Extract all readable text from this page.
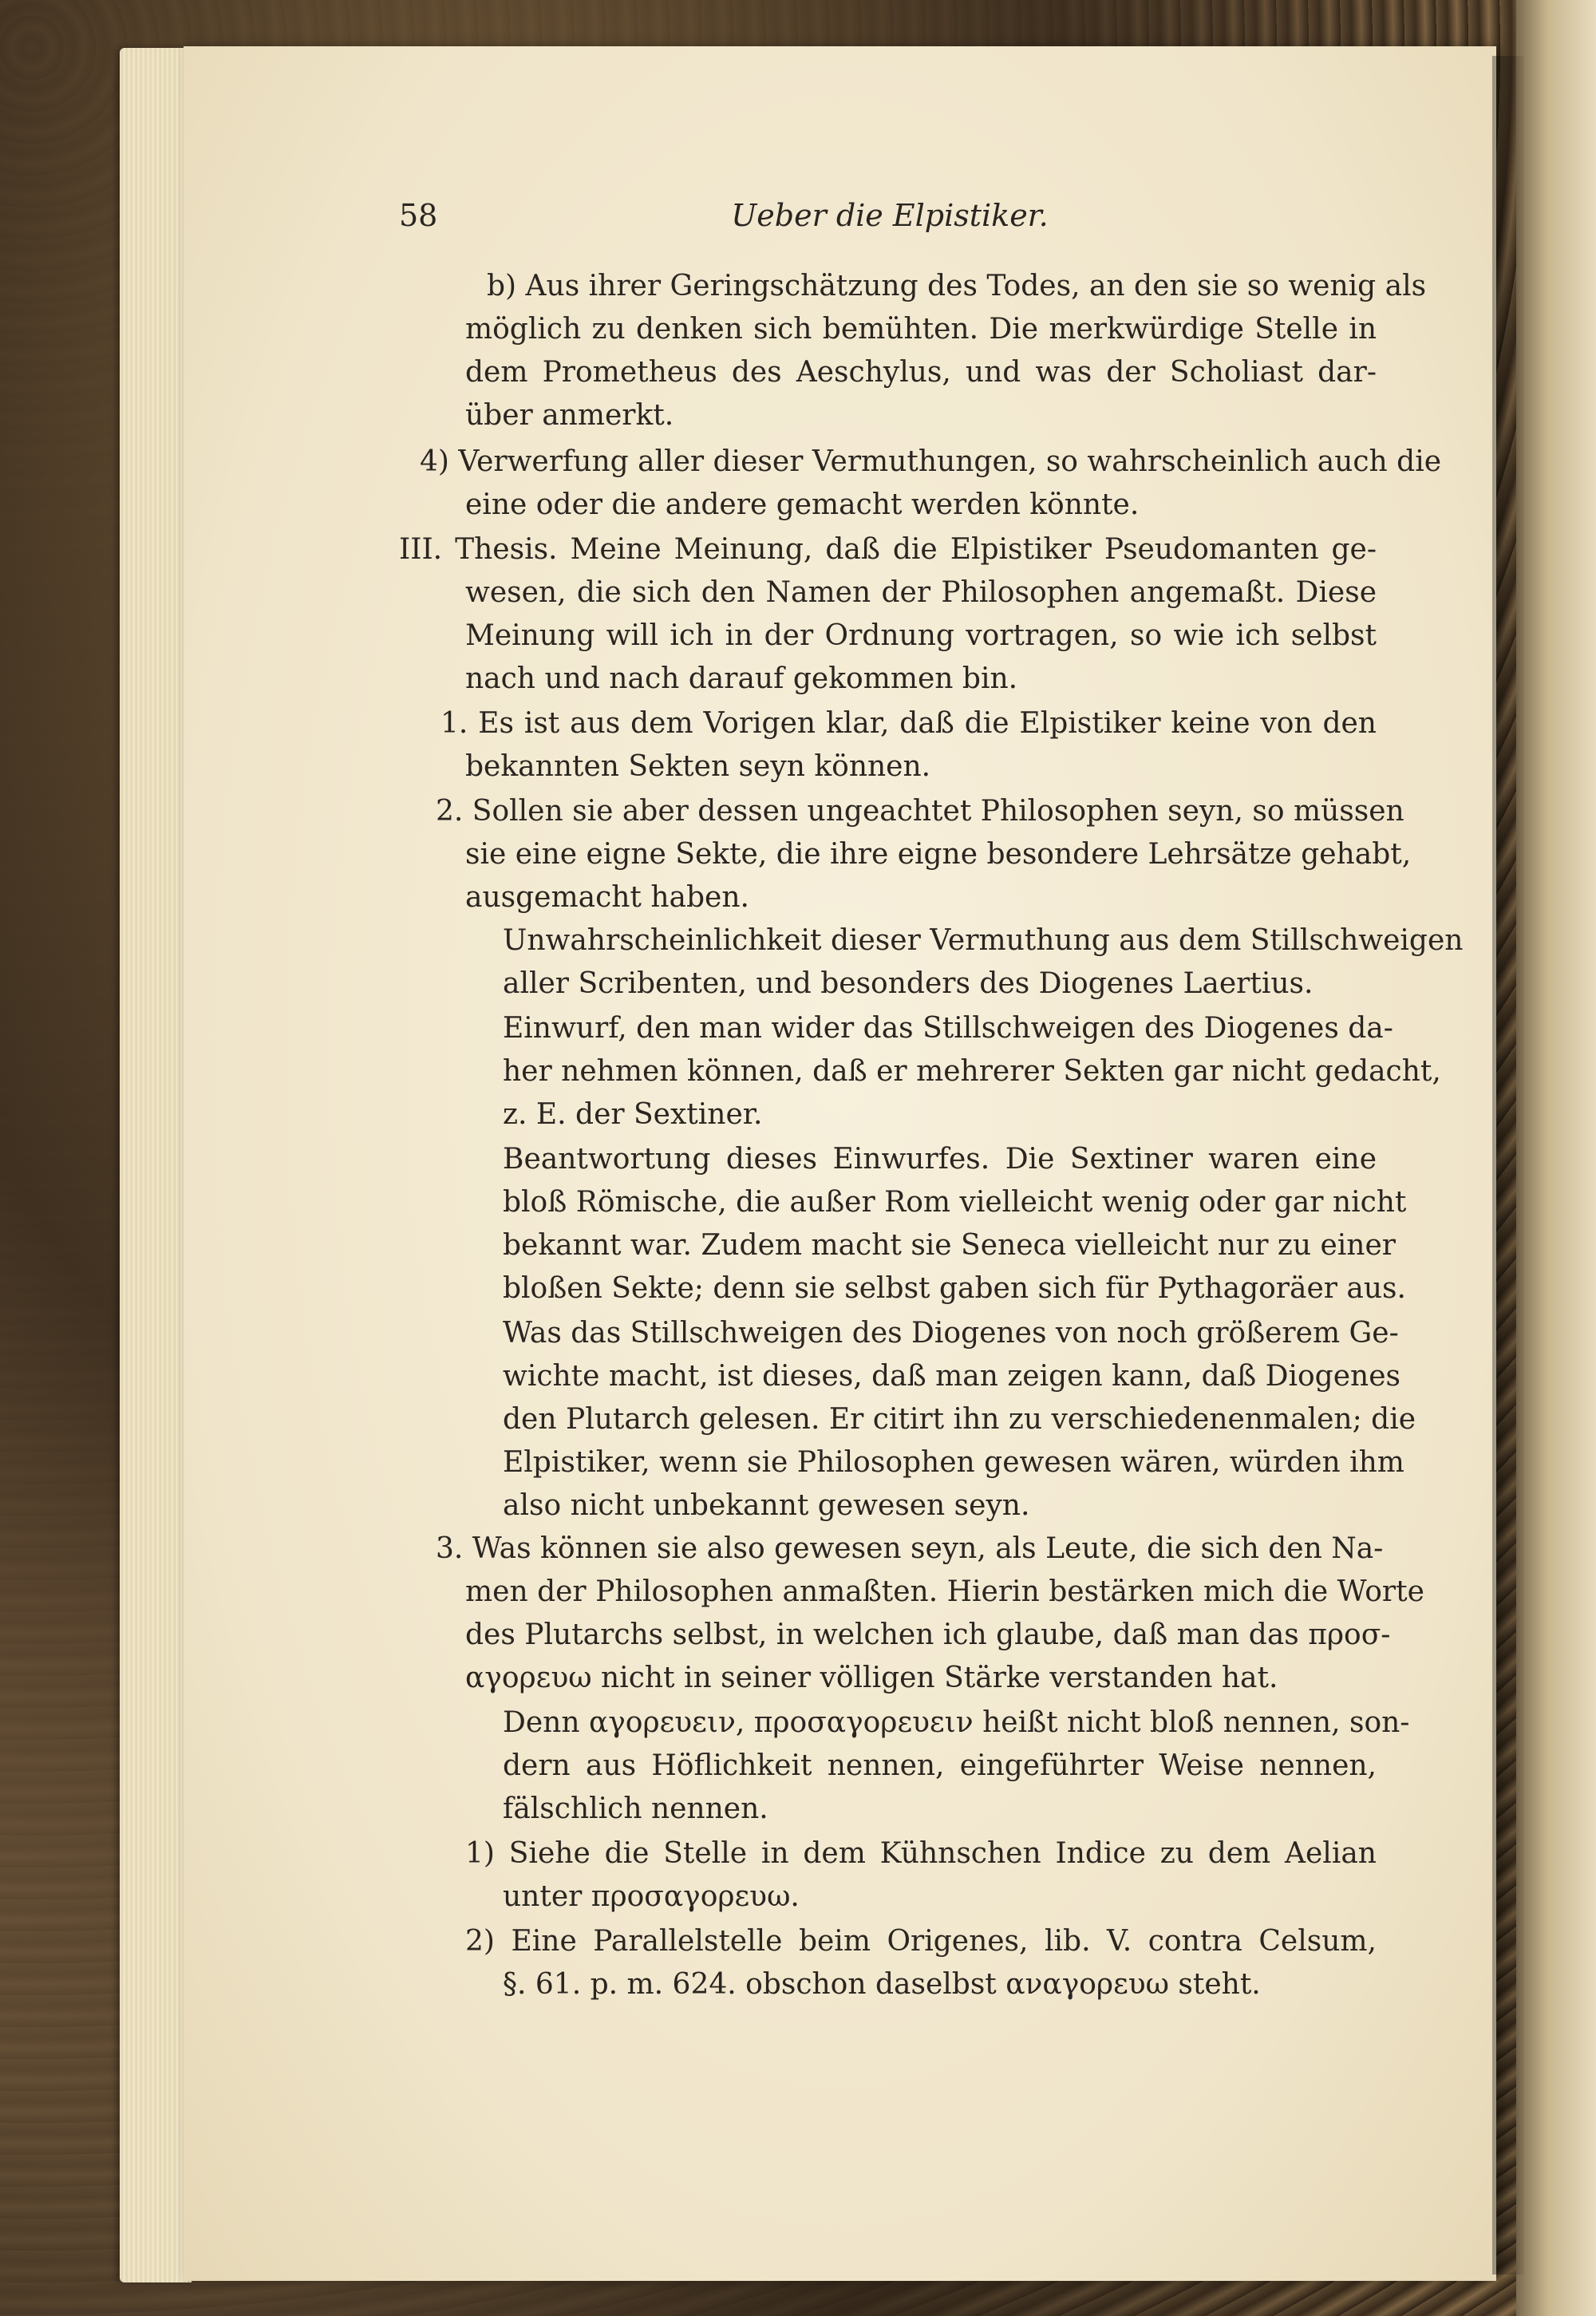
58	Ueber die Elpistiker.
b) Aus ihrer Geringschätzung des Todes, an den sie so wenig als
möglich zu denken sich bemühten. Die merkwürdige Stelle in
dem Prometheus des Aeschylus, und was der Scholiast dar-
über anmerkt.
4) Verwerfung aller dieser Vermuthungen, so wahrscheinlich auch die
eine oder die andere gemacht werden könnte.
III. Thesis. Meine Meinung, daß die Elpistiker Pseudomanten ge-
wesen, die sich den Namen der Philosophen angemaßt. Diese
Meinung will ich in der Ordnung vortragen, so wie ich selbst
nach und nach darauf gekommen bin.
1. Es ist aus dem Vorigen klar, daß die Elpistiker keine von den
bekannten Sekten seyn können.
2. Sollen sie aber dessen ungeachtet Philosophen seyn, so müssen
sie eine eigne Sekte, die ihre eigne besondere Lehrsätze gehabt,
ausgemacht haben.
Unwahrscheinlichkeit dieser Vermuthung aus dem Stillschweigen
aller Scribenten, und besonders des Diogenes Laertius.
Einwurf, den man wider das Stillschweigen des Diogenes da-
her nehmen können, daß er mehrerer Sekten gar nicht gedacht,
z. E. der Sextiner.
Beantwortung dieses Einwurfes. Die Sextiner waren eine
bloß Römische, die außer Rom vielleicht wenig oder gar nicht
bekannt war. Zudem macht sie Seneca vielleicht nur zu einer
bloßen Sekte; denn sie selbst gaben sich für Pythagoräer aus.
Was das Stillschweigen des Diogenes von noch größerem Ge-
wichte macht, ist dieses, daß man zeigen kann, daß Diogenes
den Plutarch gelesen. Er citirt ihn zu verschiedenenmalen; die
Elpistiker, wenn sie Philosophen gewesen wären, würden ihm
also nicht unbekannt gewesen seyn.
3. Was können sie also gewesen seyn, als Leute, die sich den Na-
men der Philosophen anmaßten. Hierin bestärken mich die Worte
des Plutarchs selbst, in welchen ich glaube, daß man das προσ-
αγορευω nicht in seiner völligen Stärke verstanden hat.
Denn αγορευειν, προσαγορευειν heißt nicht bloß nennen, son-
dern aus Höflichkeit nennen, eingeführter Weise nennen,
fälschlich nennen.
1) Siehe die Stelle in dem Kühnschen Indice zu dem Aelian
unter προσαγορευω.
2) Eine Parallelstelle beim Origenes, lib. V. contra Celsum,
§. 61. p. m. 624. obschon daselbst αναγορευω steht.
